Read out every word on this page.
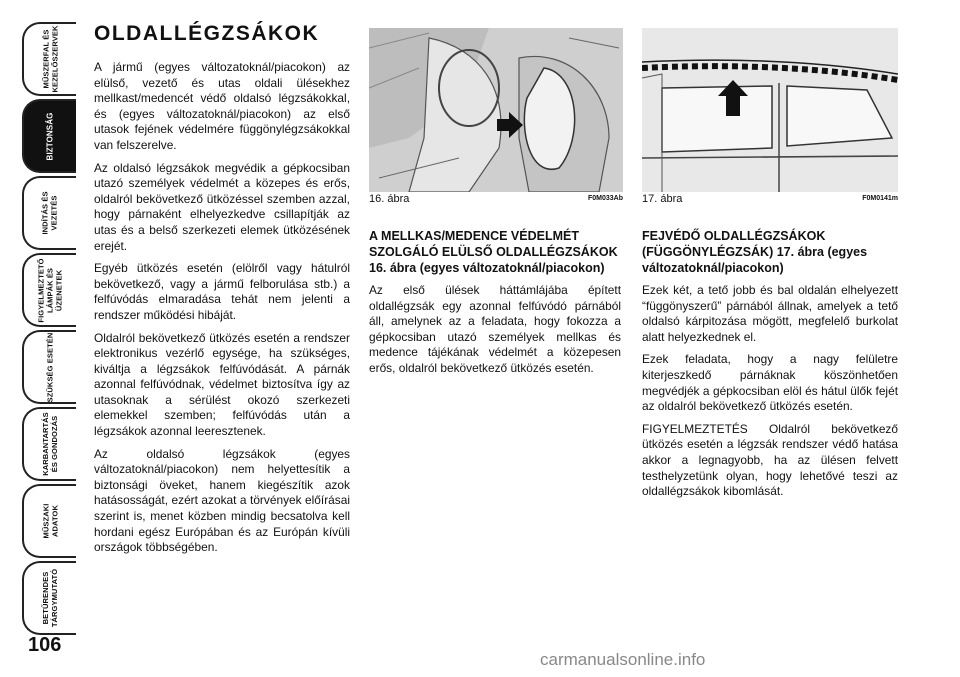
MŰSZERFAL ÉS
KEZELŐSZERVEK
BIZTONSÁG
INDÍTÁS ÉS
VEZETÉS
FIGYELMEZTETŐ
LÁMPÁK ÉS
ÜZENETEK
SZÜKSÉG ESETÉN
KARBANTARTÁS
ÉS GONDOZÁS
MŰSZAKI
ADATOK
BETŰRENDES
TÁRGYMUTATÓ
106
OLDALLÉGZSÁKOK

A jármű (egyes változatoknál/piacokon) az elülső, vezető és utas oldali ülésekhez mellkast/medencét védő oldalsó légzsákokkal, és (egyes változatoknál/piacokon) az első utasok fejének védelmére függönylégzsákokkal van felszerelve.

Az oldalsó légzsákok megvédik a gépkocsiban utazó személyek védelmét a közepes és erős, oldalról bekövetkező ütközéssel szemben azzal, hogy párnaként elhelyezkedve csillapítják az utas és a belső szerkezeti elemek ütközésének erejét.

Egyéb ütközés esetén (elölről vagy hátulról bekövetkező, vagy a jármű felborulása stb.) a felfúvódás elmaradása tehát nem jelenti a rendszer működési hibáját.

Oldalról bekövetkező ütközés esetén a rendszer elektronikus vezérlő egysége, ha szükséges, kiváltja a légzsákok felfúvódását. A párnák azonnal felfúvódnak, védelmet biztosítva így az utasoknak a sérülést okozó szerkezeti elemekkel szemben; felfúvódás után a légzsákok azonnal leeresztenek.

Az oldalsó légzsákok (egyes változatoknál/piacokon) nem helyettesítik a biztonsági öveket, hanem kiegészítik azok hatásosságát, ezért azokat a törvények előírásai szerint is, menet közben mindig becsatolva kell hordani egész Európában és az Európán kívüli országok többségében.

16. ábra	F0M033Ab 17. ábra	F0M0141m
A MELLKAS/MEDENCE VÉDELMÉT SZOLGÁLÓ ELÜLSŐ OLDALLÉGZSÁKOK 16. ábra (egyes változatoknál/piacokon)

Az első ülések háttámlájába épített oldallégzsák egy azonnal felfúvódó párnából áll, amelynek az a feladata, hogy fokozza a gépkocsiban utazó személyek mellkas és medence tájékának védelmét a közepesen erős, oldalról bekövetkező ütközés esetén.

FEJVÉDŐ OLDALLÉGZSÁKOK (FÜGGÖNYLÉGZSÁK) 17. ábra (egyes változatoknál/piacokon)

Ezek két, a tető jobb és bal oldalán elhelyezett “függönyszerű” párnából állnak, amelyek a tető oldalsó kárpitozása mögött, megfelelő burkolat alatt helyezkednek el.

Ezek feladata, hogy a nagy felületre kiterjeszkedő párnáknak köszönhetően megvédjék a gépkocsiban elöl és hátul ülők fejét az oldalról bekövetkező ütközés esetén.

FIGYELMEZTETÉS Oldalról bekövetkező ütközés esetén a légzsák rendszer védő hatása akkor a legnagyobb, ha az ülésen felvett testhelyzetünk olyan, hogy lehetővé teszi az oldallégzsákok kibomlását.

carmanualsonline.info
